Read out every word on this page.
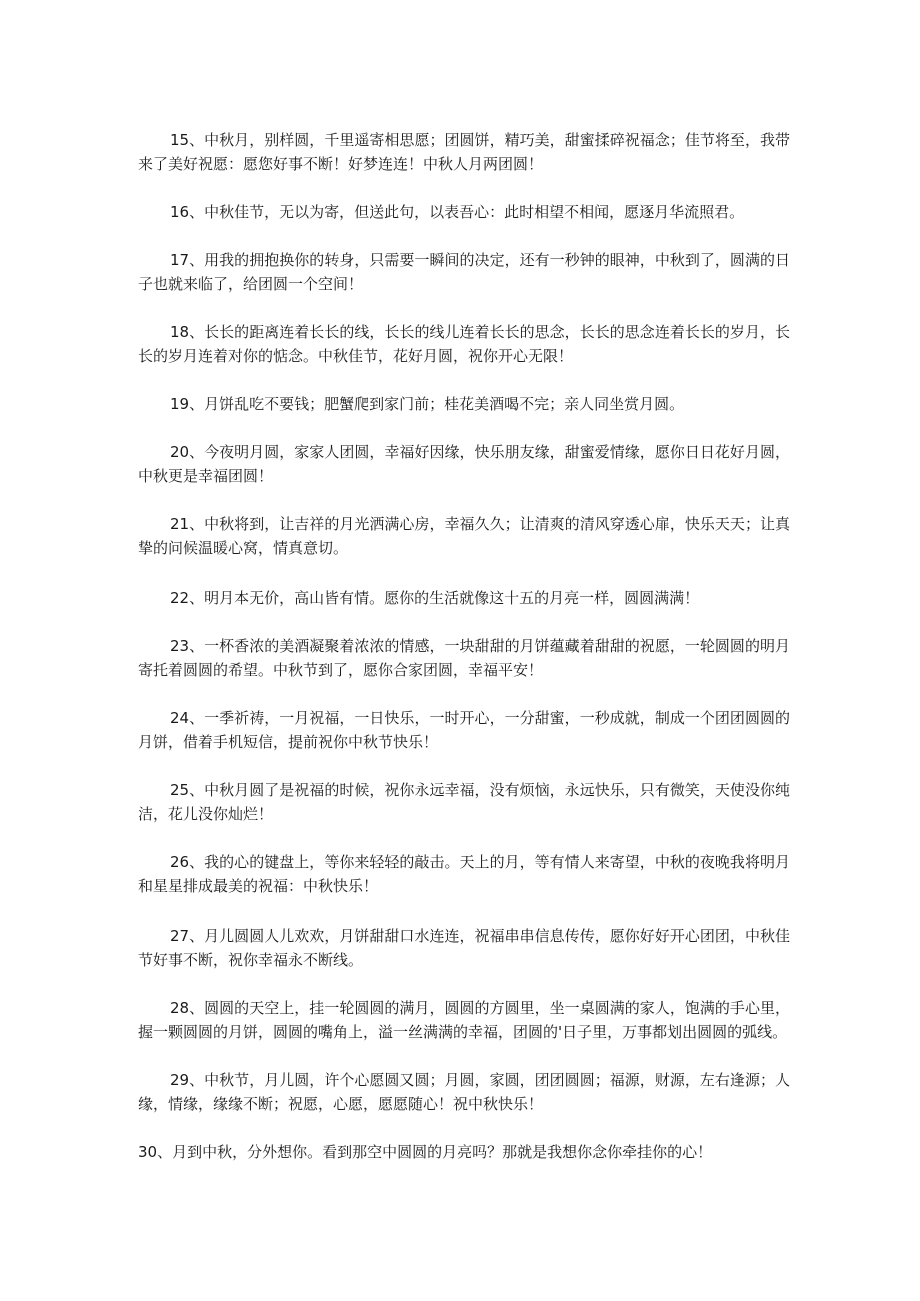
15、中秋月，别样圆，千里遥寄相思愿；团圆饼，精巧美，甜蜜揉碎祝福念；佳节将至，我带来了美好祝愿：愿您好事不断！好梦连连！中秋人月两团圆！

16、中秋佳节，无以为寄，但送此句，以表吾心：此时相望不相闻，愿逐月华流照君。

17、用我的拥抱换你的转身，只需要一瞬间的决定，还有一秒钟的眼神，中秋到了，圆满的日子也就来临了，给团圆一个空间！

18、长长的距离连着长长的线，长长的线儿连着长长的思念，长长的思念连着长长的岁月，长长的岁月连着对你的惦念。中秋佳节，花好月圆，祝你开心无限！

19、月饼乱吃不要钱；肥蟹爬到家门前；桂花美酒喝不完；亲人同坐赏月圆。

20、今夜明月圆，家家人团圆，幸福好因缘，快乐朋友缘，甜蜜爱情缘，愿你日日花好月圆，中秋更是幸福团圆！

21、中秋将到，让吉祥的月光洒满心房，幸福久久；让清爽的清风穿透心扉，快乐天天；让真挚的问候温暖心窝，情真意切。

22、明月本无价，高山皆有情。愿你的生活就像这十五的月亮一样，圆圆满满！

23、一杯香浓的美酒凝聚着浓浓的情感，一块甜甜的月饼蕴藏着甜甜的祝愿，一轮圆圆的明月寄托着圆圆的希望。中秋节到了，愿你合家团圆，幸福平安！

24、一季祈祷，一月祝福，一日快乐，一时开心，一分甜蜜，一秒成就，制成一个团团圆圆的月饼，借着手机短信，提前祝你中秋节快乐！

25、中秋月圆了是祝福的时候，祝你永远幸福，没有烦恼，永远快乐，只有微笑，天使没你纯洁，花儿没你灿烂！

26、我的心的键盘上，等你来轻轻的敲击。天上的月，等有情人来寄望，中秋的夜晚我将明月和星星排成最美的祝福：中秋快乐！

27、月儿圆圆人儿欢欢，月饼甜甜口水连连，祝福串串信息传传，愿你好好开心团团，中秋佳节好事不断，祝你幸福永不断线。

28、圆圆的天空上，挂一轮圆圆的满月，圆圆的方圆里，坐一桌圆满的家人，饱满的手心里，握一颗圆圆的月饼，圆圆的嘴角上，溢一丝满满的幸福，团圆的'日子里，万事都划出圆圆的弧线。

29、中秋节，月儿圆，许个心愿圆又圆；月圆，家圆，团团圆圆；福源，财源，左右逢源；人缘，情缘，缘缘不断；祝愿，心愿，愿愿随心！祝中秋快乐！

30、月到中秋，分外想你。看到那空中圆圆的月亮吗？那就是我想你念你牵挂你的心！
